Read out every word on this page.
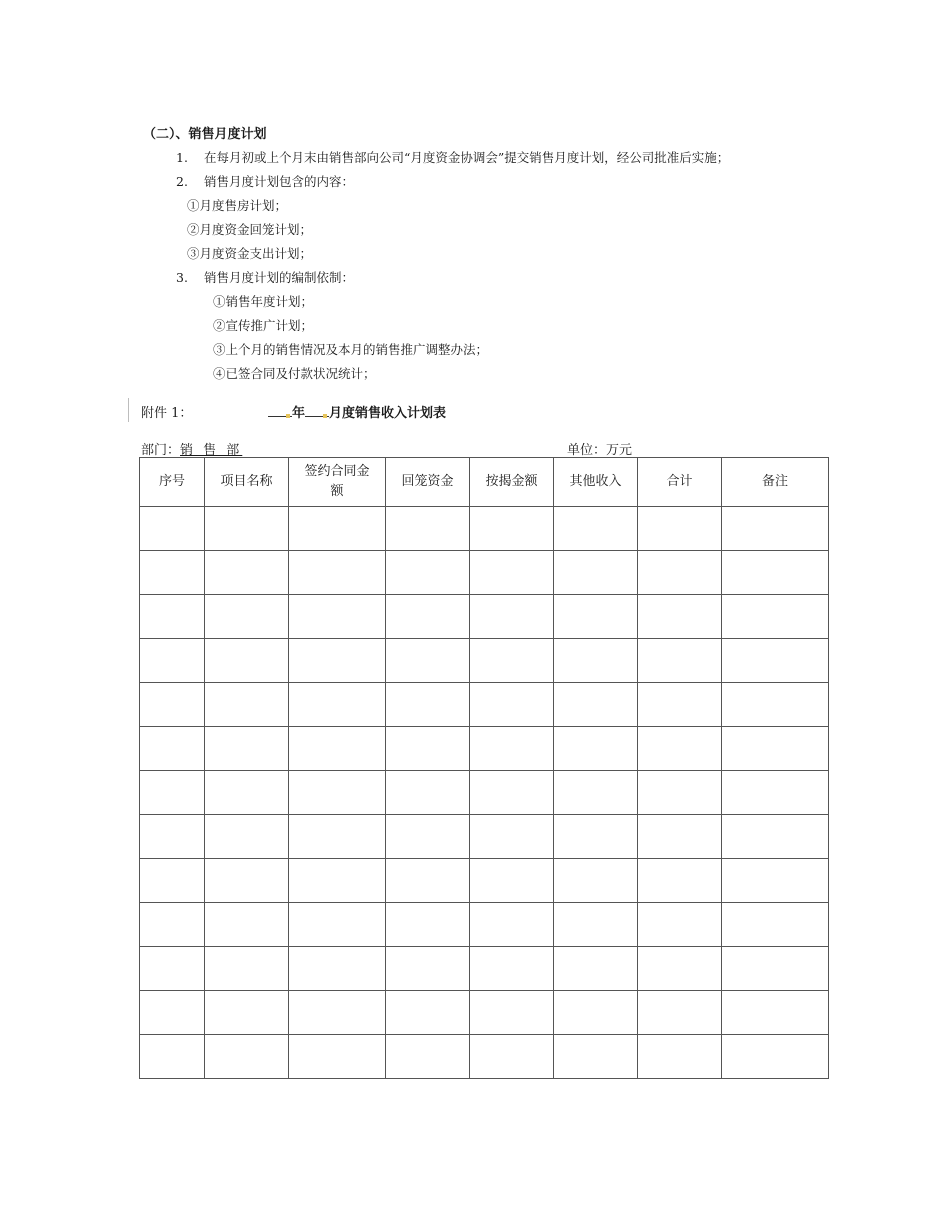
（二）、销售月度计划
1. 在每月初或上个月末由销售部向公司“月度资金协调会”提交销售月度计划，经公司批准后实施；
2. 销售月度计划包含的内容：
①月度售房计划；
②月度资金回笼计划；
③月度资金支出计划；
3. 销售月度计划的编制依制：
①销售年度计划；
②宣传推广计划；
③上个月的销售情况及本月的销售推广调整办法；
④已签合同及付款状况统计；
附件 1：	年 月度销售收入计划表
部门：销 售 部	单位：万元
序号	项目名称	签约合同金额	回笼资金	按揭金额	其他收入	合计	备注
